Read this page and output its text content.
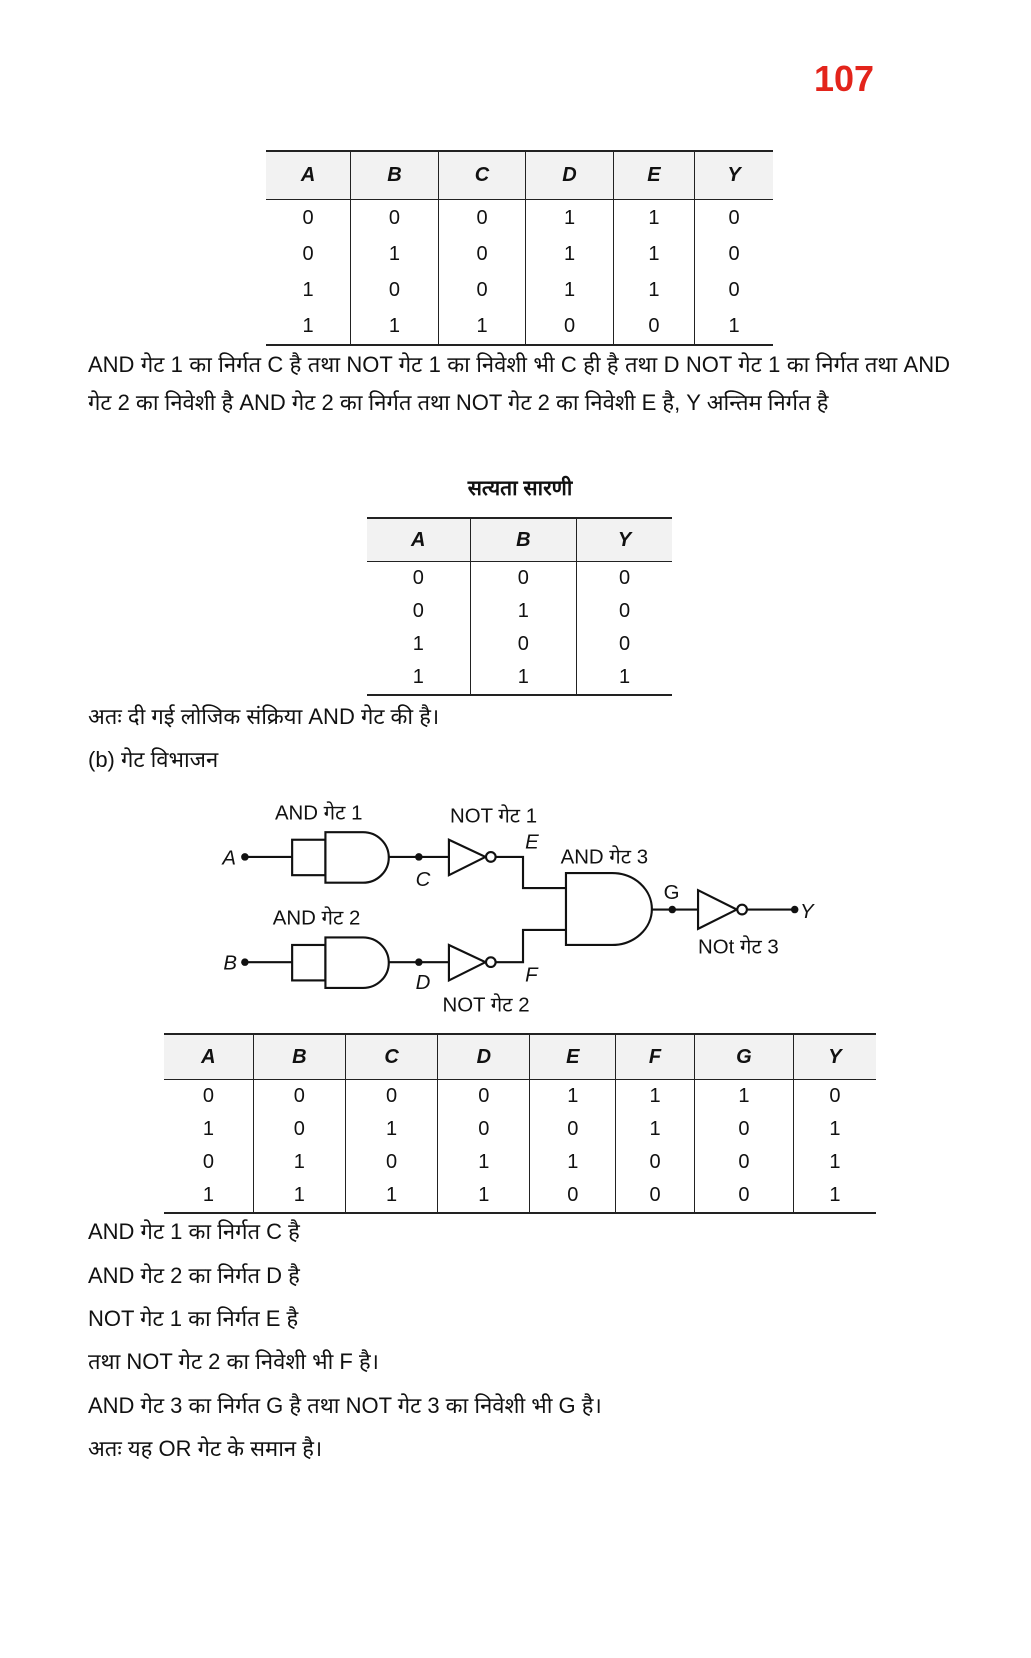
107
A	B	C	D	E	Y
0	0	0	1	1	0
0	1	0	1	1	0
1	0	0	1	1	0
1	1	1	0	0	1
AND गेट 1 का निर्गत C है तथा NOT गेट 1 का निवेशी भी C ही है तथा D NOT गेट 1 का निर्गत तथा AND गेट 2 का निवेशी है AND गेट 2 का निर्गत तथा NOT गेट 2 का निवेशी E है, Y अन्तिम निर्गत है
सत्यता सारणी
A	B	Y
0	0	0
0	1	0
1	0	0
1	1	1
अतः दी गई लोजिक संक्रिया AND गेट की है।
(b) गेट विभाजन
AND गेट 1	NOT गेट 1
AND गेट 3
AND गेट 2
NOt गेट 3
NOT गेट 2
A
B
C
D
E
F
G
Y
A	B	C	D	E	F	G	Y
0	0	0	0	1	1	1	0
1	0	1	0	0	1	0	1
0	1	0	1	1	0	0	1
1	1	1	1	0	0	0	1
AND गेट 1 का निर्गत C है
AND गेट 2 का निर्गत D है
NOT गेट 1 का निर्गत E है
तथा NOT गेट 2 का निवेशी भी F है।
AND गेट 3 का निर्गत G है तथा NOT गेट 3 का निवेशी भी G है।
अतः यह OR गेट के समान है।
